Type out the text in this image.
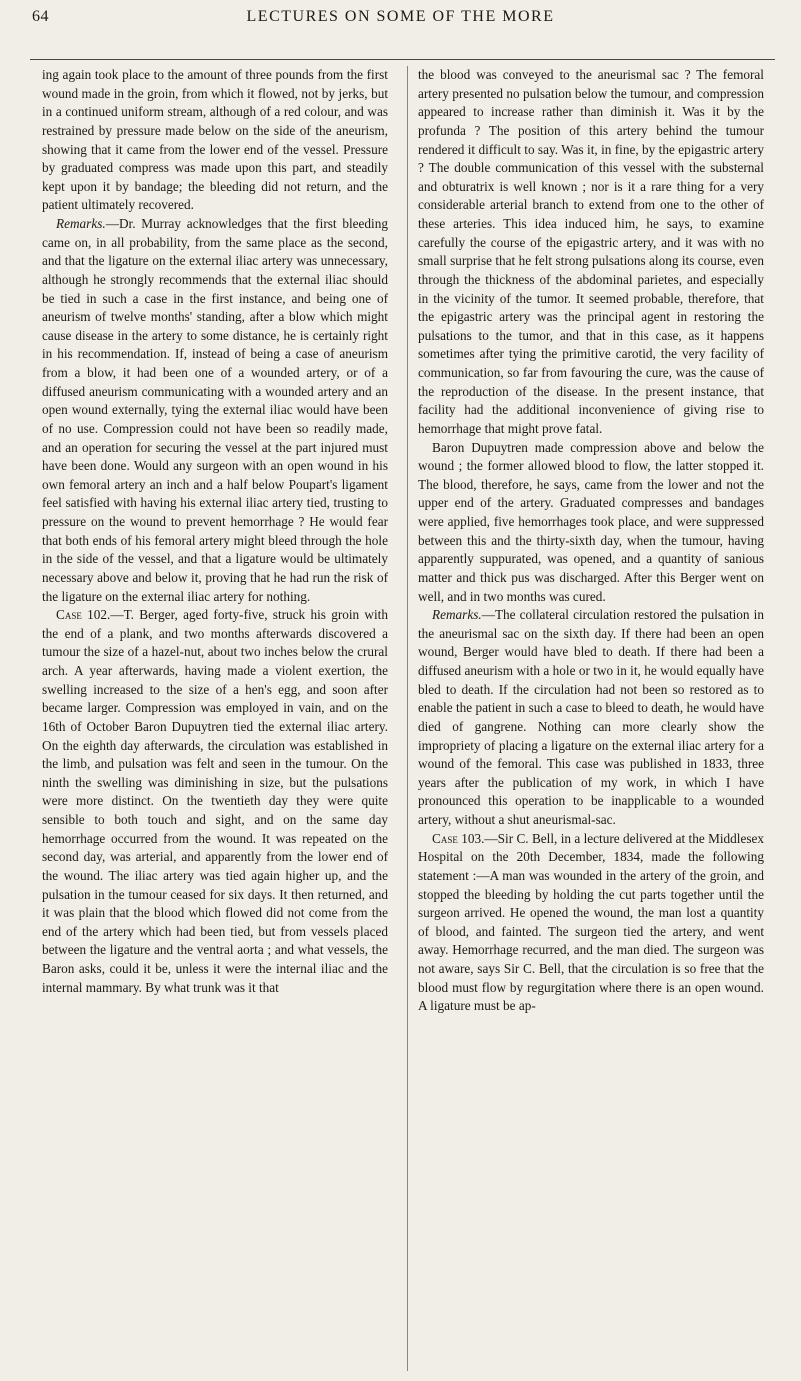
64	LECTURES ON SOME OF THE MORE

ing again took place to the amount of three pounds from the first wound made in the groin, from which it flowed, not by jerks, but in a continued uniform stream, although of a red colour, and was restrained by pressure made below on the side of the aneurism, showing that it came from the lower end of the vessel. Pressure by graduated compress was made upon this part, and steadily kept upon it by bandage; the bleeding did not return, and the patient ultimately recovered.

Remarks.—Dr. Murray acknowledges that the first bleeding came on, in all probability, from the same place as the second, and that the ligature on the external iliac artery was unnecessary, although he strongly recommends that the external iliac should be tied in such a case in the first instance, and being one of aneurism of twelve months' standing, after a blow which might cause disease in the artery to some distance, he is certainly right in his recommendation. If, instead of being a case of aneurism from a blow, it had been one of a wounded artery, or of a diffused aneurism communicating with a wounded artery and an open wound externally, tying the external iliac would have been of no use. Compression could not have been so readily made, and an operation for securing the vessel at the part injured must have been done. Would any surgeon with an open wound in his own femoral artery an inch and a half below Poupart's ligament feel satisfied with having his external iliac artery tied, trusting to pressure on the wound to prevent hemorrhage ? He would fear that both ends of his femoral artery might bleed through the hole in the side of the vessel, and that a ligature would be ultimately necessary above and below it, proving that he had run the risk of the ligature on the external iliac artery for nothing.

Case 102.—T. Berger, aged forty-five, struck his groin with the end of a plank, and two months afterwards discovered a tumour the size of a hazel-nut, about two inches below the crural arch. A year afterwards, having made a violent exertion, the swelling increased to the size of a hen's egg, and soon after became larger. Compression was employed in vain, and on the 16th of October Baron Dupuytren tied the external iliac artery. On the eighth day afterwards, the circulation was established in the limb, and pulsation was felt and seen in the tumour. On the ninth the swelling was diminishing in size, but the pulsations were more distinct. On the twentieth day they were quite sensible to both touch and sight, and on the same day hemorrhage occurred from the wound. It was repeated on the second day, was arterial, and apparently from the lower end of the wound. The iliac artery was tied again higher up, and the pulsation in the tumour ceased for six days. It then returned, and it was plain that the blood which flowed did not come from the end of the artery which had been tied, but from vessels placed between the ligature and the ventral aorta ; and what vessels, the Baron asks, could it be, unless it were the internal iliac and the internal mammary. By what trunk was it that

the blood was conveyed to the aneurismal sac ? The femoral artery presented no pulsation below the tumour, and compression appeared to increase rather than diminish it. Was it by the profunda ? The position of this artery behind the tumour rendered it difficult to say. Was it, in fine, by the epigastric artery ? The double communication of this vessel with the substernal and obturatrix is well known ; nor is it a rare thing for a very considerable arterial branch to extend from one to the other of these arteries. This idea induced him, he says, to examine carefully the course of the epigastric artery, and it was with no small surprise that he felt strong pulsations along its course, even through the thickness of the abdominal parietes, and especially in the vicinity of the tumor. It seemed probable, therefore, that the epigastric artery was the principal agent in restoring the pulsations to the tumor, and that in this case, as it happens sometimes after tying the primitive carotid, the very facility of communication, so far from favouring the cure, was the cause of the reproduction of the disease. In the present instance, that facility had the additional inconvenience of giving rise to hemorrhage that might prove fatal.

Baron Dupuytren made compression above and below the wound ; the former allowed blood to flow, the latter stopped it. The blood, therefore, he says, came from the lower and not the upper end of the artery. Graduated compresses and bandages were applied, five hemorrhages took place, and were suppressed between this and the thirty-sixth day, when the tumour, having apparently suppurated, was opened, and a quantity of sanious matter and thick pus was discharged. After this Berger went on well, and in two months was cured.

Remarks.—The collateral circulation restored the pulsation in the aneurismal sac on the sixth day. If there had been an open wound, Berger would have bled to death. If there had been a diffused aneurism with a hole or two in it, he would equally have bled to death. If the circulation had not been so restored as to enable the patient in such a case to bleed to death, he would have died of gangrene. Nothing can more clearly show the impropriety of placing a ligature on the external iliac artery for a wound of the femoral. This case was published in 1833, three years after the publication of my work, in which I have pronounced this operation to be inapplicable to a wounded artery, without a shut aneurismal-sac.

Case 103.—Sir C. Bell, in a lecture delivered at the Middlesex Hospital on the 20th December, 1834, made the following statement :—A man was wounded in the artery of the groin, and stopped the bleeding by holding the cut parts together until the surgeon arrived. He opened the wound, the man lost a quantity of blood, and fainted. The surgeon tied the artery, and went away. Hemorrhage recurred, and the man died. The surgeon was not aware, says Sir C. Bell, that the circulation is so free that the blood must flow by regurgitation where there is an open wound. A ligature must be ap-
